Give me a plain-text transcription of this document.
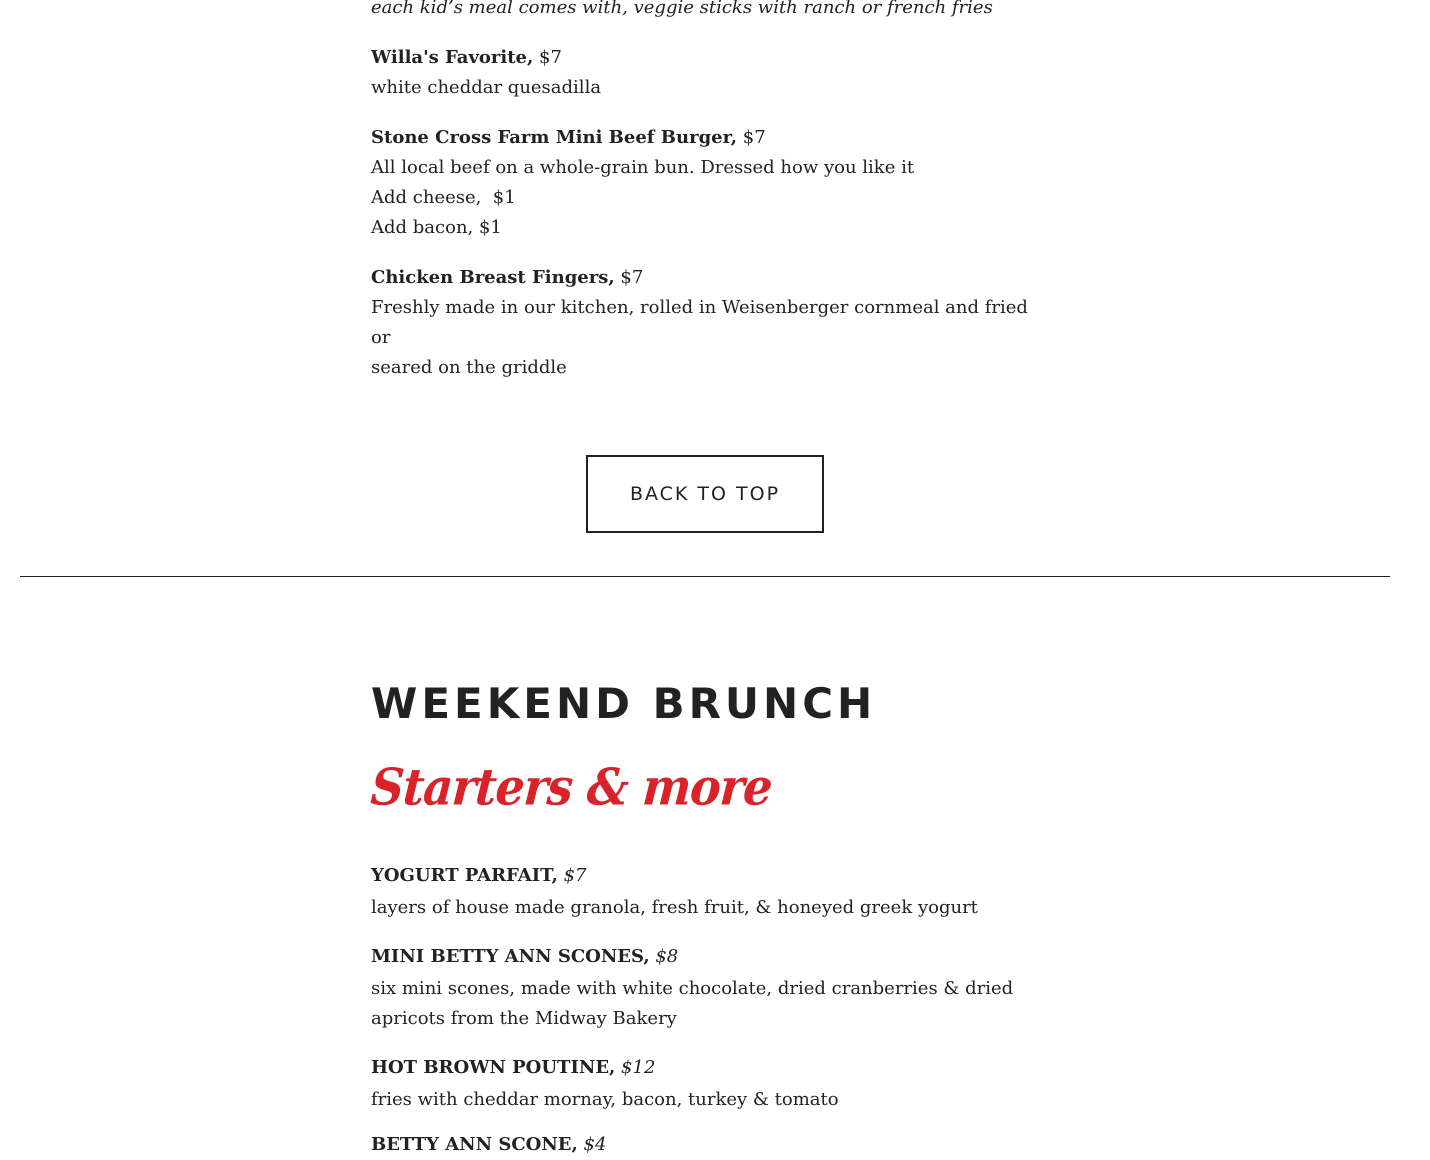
each kid’s meal comes with, veggie sticks with ranch or french fries
Willa's Favorite, $7
white cheddar quesadilla
Stone Cross Farm Mini Beef Burger, $7
All local beef on a whole-grain bun. Dressed how you like it
Add cheese,  $1
Add bacon, $1
Chicken Breast Fingers, $7
Freshly made in our kitchen, rolled in Weisenberger cornmeal and fried or
seared on the griddle
BACK TO TOP
WEEKEND BRUNCH
Starters & more
YOGURT PARFAIT, $7
layers of house made granola, fresh fruit, & honeyed greek yogurt
MINI BETTY ANN SCONES, $8
six mini scones, made with white chocolate, dried cranberries & dried
apricots from the Midway Bakery
HOT BROWN POUTINE, $12
fries with cheddar mornay, bacon, turkey & tomato
BETTY ANN SCONE, $4
